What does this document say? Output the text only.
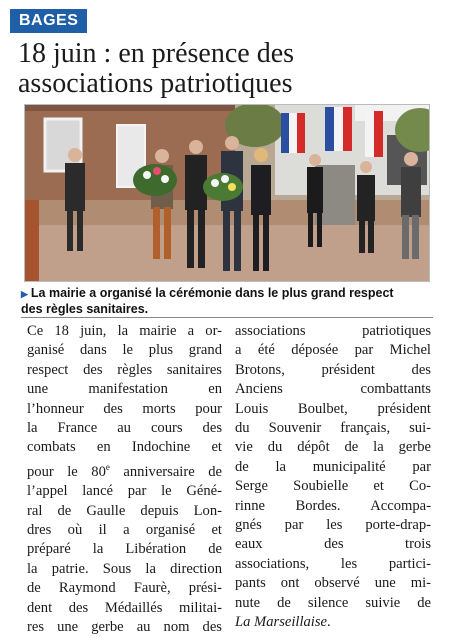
BAGES
18 juin : en présence des
associations patriotiques
▶ La mairie a organisé la cérémonie dans le plus grand respect
des règles sanitaires.
Ce 18 juin, la mairie a or-
ganisé dans le plus grand
respect des règles sanitaires
une manifestation en
l’honneur des morts pour
la France au cours des
combats en Indochine et
pour le 80e anniversaire de
l’appel lancé par le Géné-
ral de Gaulle depuis Lon-
dres où il a organisé et
préparé la Libération de
la patrie. Sous la direction
de Raymond Faurè, prési-
dent des Médaillés militai-
res une gerbe au nom des
associations patriotiques
a été déposée par Michel
Brotons, président des
Anciens combattants
Louis Boulbet, président
du Souvenir français, sui-
vie du dépôt de la gerbe
de la municipalité par
Serge Soubielle et Co-
rinne Bordes. Accompa-
gnés par les porte-drap-
eaux des trois
associations, les partici-
pants ont observé une mi-
nute de silence suivie de
La Marseillaise.
